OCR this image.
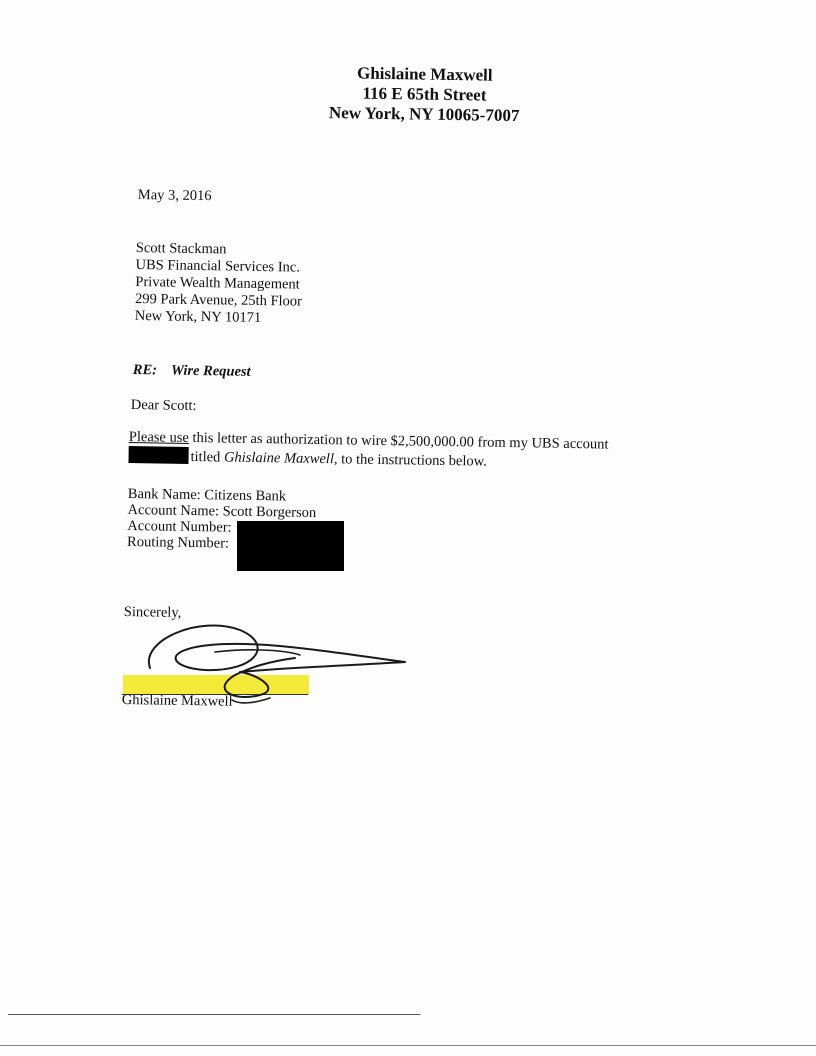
Ghislaine Maxwell
116 E 65th Street
New York, NY 10065-7007
May 3, 2016
Scott Stackman
UBS Financial Services Inc.
Private Wealth Management
299 Park Avenue, 25th Floor
New York, NY 10171
RE: Wire Request
Dear Scott:
Please use this letter as authorization to wire $2,500,000.00 from my UBS account
titled Ghislaine Maxwell, to the instructions below.
Bank Name: Citizens Bank
Account Name: Scott Borgerson
Account Number:
Routing Number:
Sincerely,
Ghislaine Maxwell
